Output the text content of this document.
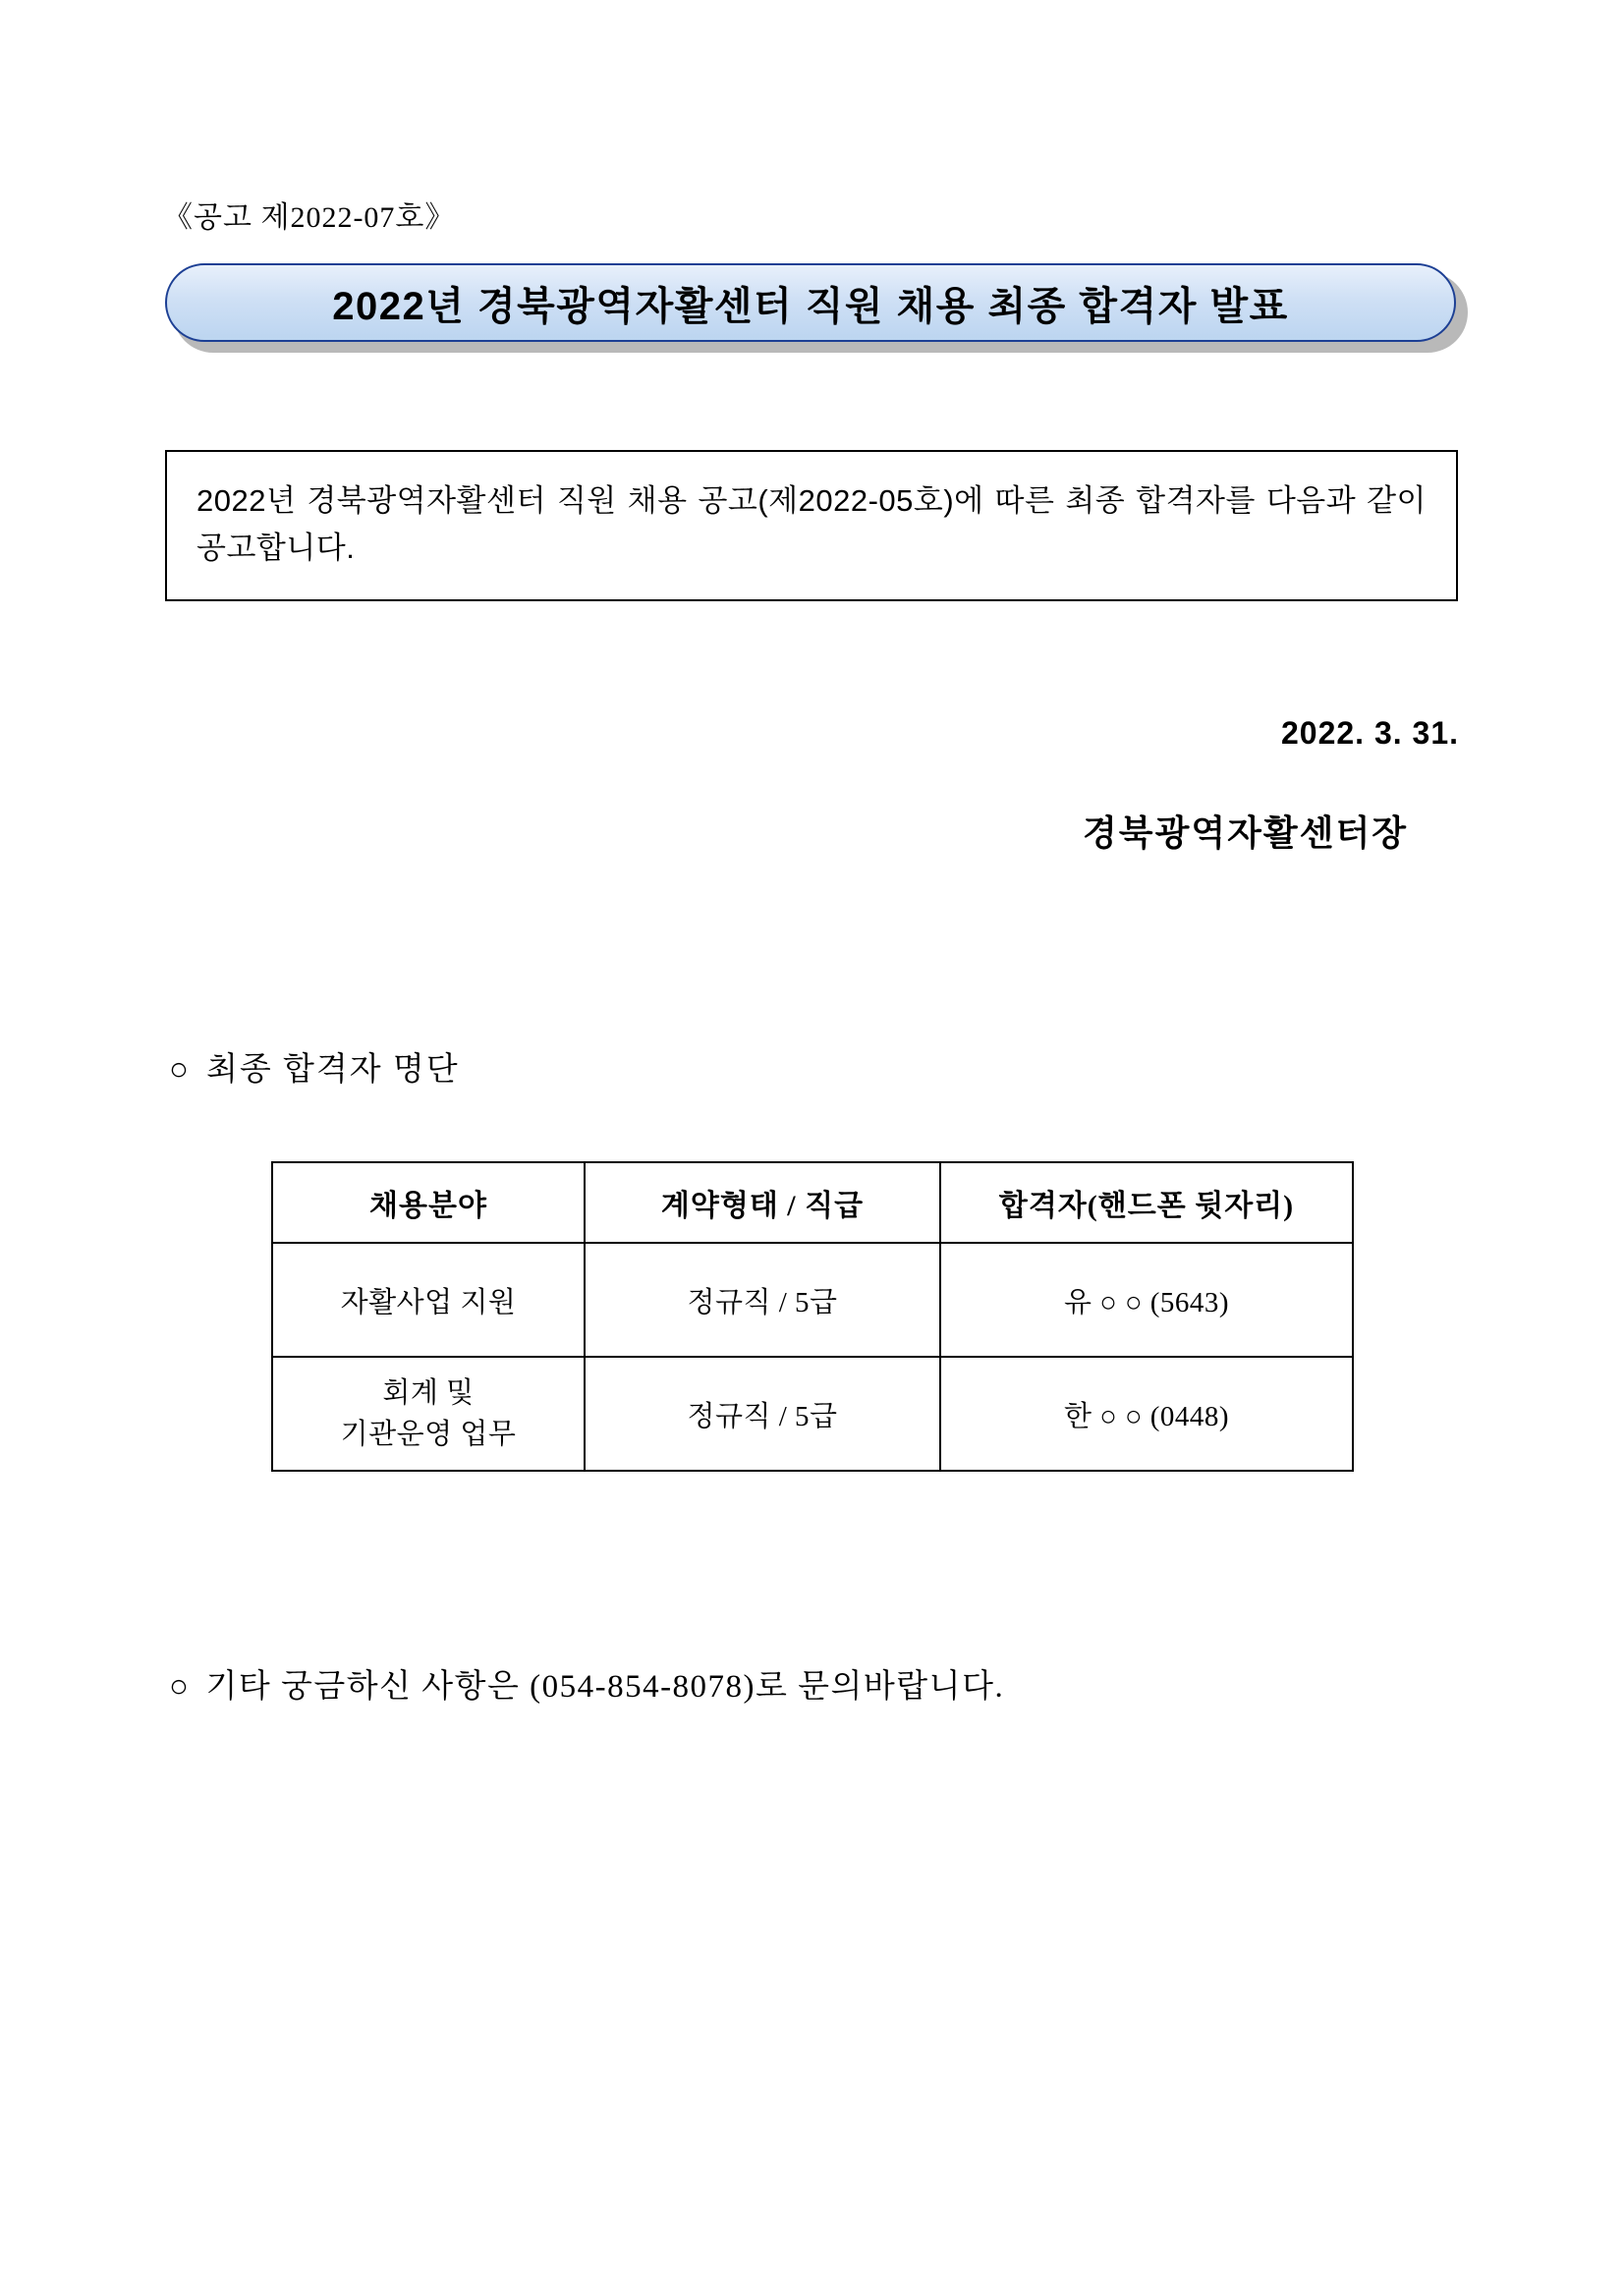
《공고 제2022-07호》
2022년 경북광역자활센터 직원 채용 최종 합격자 발표

2022년 경북광역자활센터 직원 채용 공고(제2022-05호)에 따른 최종 합격자를 다음과 같이 공고합니다.

2022. 3. 31.
경북광역자활센터장
○ 최종 합격자 명단
채용분야	계약형태 / 직급	합격자(핸드폰 뒷자리)
자활사업 지원	정규직 / 5급	유 ○ ○ (5643)

회계 및
기관운영 업무	정규직 / 5급	한 ○ ○ (0448)
○ 기타 궁금하신 사항은 (054-854-8078)로 문의바랍니다.
